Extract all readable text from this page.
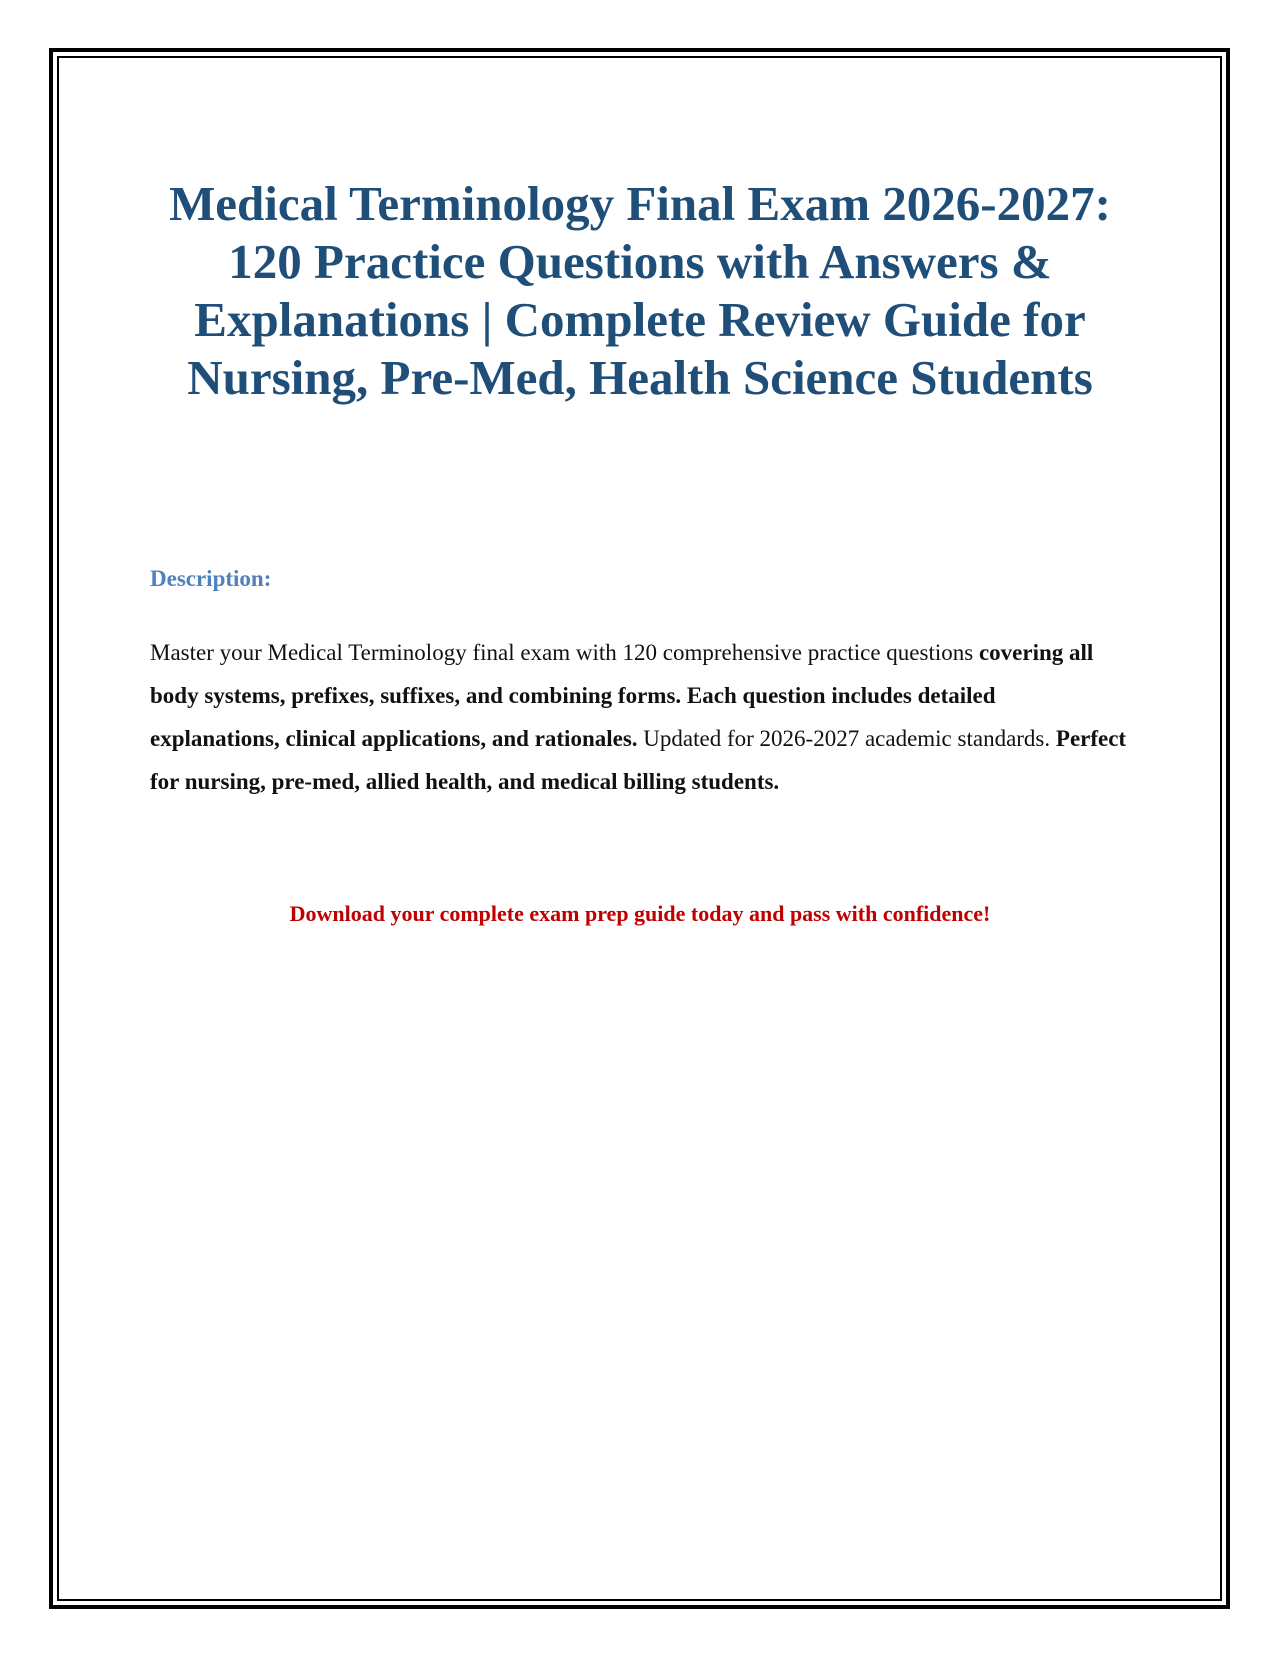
Medical Terminology Final Exam 2026-2027: 120 Practice Questions with Answers & Explanations | Complete Review Guide for Nursing, Pre-Med, Health Science Students

Description:

Master your Medical Terminology final exam with 120 comprehensive practice questions covering all body systems, prefixes, suffixes, and combining forms. Each question includes detailed explanations, clinical applications, and rationales. Updated for 2026-2027 academic standards. Perfect for nursing, pre-med, allied health, and medical billing students.

Download your complete exam prep guide today and pass with confidence!
